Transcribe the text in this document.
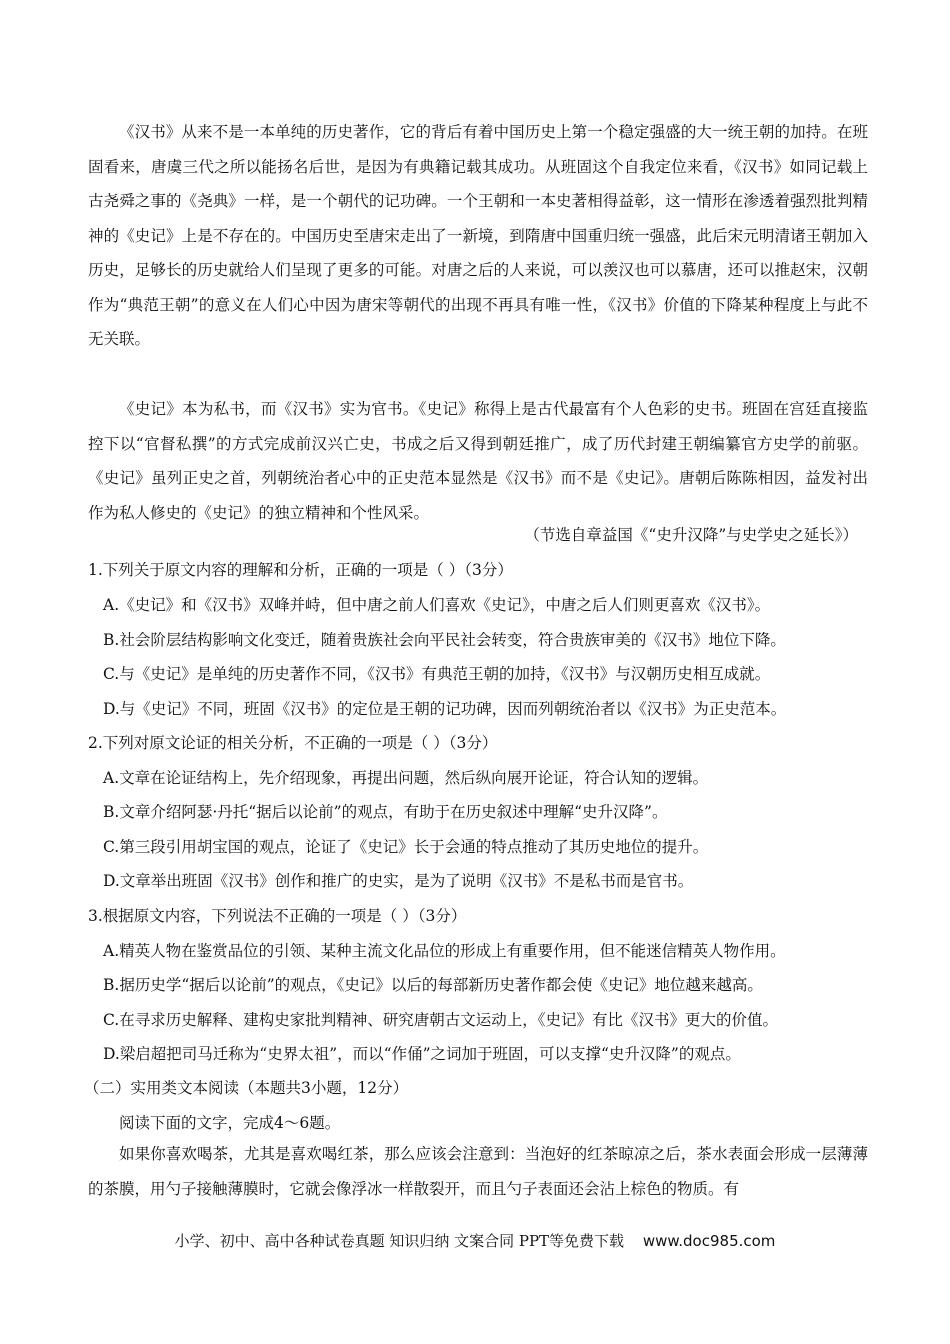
《汉书》从来不是一本单纯的历史著作，它的背后有着中国历史上第一个稳定强盛的大一统王朝的加持。在班固看来，唐虞三代之所以能扬名后世，是因为有典籍记载其成功。从班固这个自我定位来看，《汉书》如同记载上古尧舜之事的《尧典》一样，是一个朝代的记功碑。一个王朝和一本史著相得益彰，这一情形在渗透着强烈批判精神的《史记》上是不存在的。中国历史至唐宋走出了一新境，到隋唐中国重归统一强盛，此后宋元明清诸王朝加入历史，足够长的历史就给人们呈现了更多的可能。对唐之后的人来说，可以羡汉也可以慕唐，还可以推赵宋，汉朝作为“典范王朝”的意义在人们心中因为唐宋等朝代的出现不再具有唯一性，《汉书》价值的下降某种程度上与此不无关联。

《史记》本为私书，而《汉书》实为官书。《史记》称得上是古代最富有个人色彩的史书。班固在宫廷直接监控下以“官督私撰”的方式完成前汉兴亡史，书成之后又得到朝廷推广，成了历代封建王朝编纂官方史学的前驱。《史记》虽列正史之首，列朝统治者心中的正史范本显然是《汉书》而不是《史记》。唐朝后陈陈相因，益发衬出作为私人修史的《史记》的独立精神和个性风采。

（节选自章益国《“史升汉降”与史学史之延长》）
1.下列关于原文内容的理解和分析，正确的一项是（ ）（3分）
A.《史记》和《汉书》双峰并峙，但中唐之前人们喜欢《史记》，中唐之后人们则更喜欢《汉书》。
B.社会阶层结构影响文化变迁，随着贵族社会向平民社会转变，符合贵族审美的《汉书》地位下降。
C.与《史记》是单纯的历史著作不同，《汉书》有典范王朝的加持，《汉书》与汉朝历史相互成就。
D.与《史记》不同，班固《汉书》的定位是王朝的记功碑，因而列朝统治者以《汉书》为正史范本。
2.下列对原文论证的相关分析，不正确的一项是（ ）（3分）
A.文章在论证结构上，先介绍现象，再提出问题，然后纵向展开论证，符合认知的逻辑。
B.文章介绍阿瑟·丹托“据后以论前”的观点，有助于在历史叙述中理解“史升汉降”。
C.第三段引用胡宝国的观点，论证了《史记》长于会通的特点推动了其历史地位的提升。
D.文章举出班固《汉书》创作和推广的史实，是为了说明《汉书》不是私书而是官书。
3.根据原文内容，下列说法不正确的一项是（ ）（3分）
A.精英人物在鉴赏品位的引领、某种主流文化品位的形成上有重要作用，但不能迷信精英人物作用。
B.据历史学“据后以论前”的观点，《史记》以后的每部新历史著作都会使《史记》地位越来越高。
C.在寻求历史解释、建构史家批判精神、研究唐朝古文运动上，《史记》有比《汉书》更大的价值。
D.梁启超把司马迁称为“史界太祖”，而以“作俑”之词加于班固，可以支撑“史升汉降”的观点。
（二）实用类文本阅读（本题共3小题，12分）
阅读下面的文字，完成4～6题。

如果你喜欢喝茶，尤其是喜欢喝红茶，那么应该会注意到：当泡好的红茶晾凉之后，茶水表面会形成一层薄薄的茶膜，用勺子接触薄膜时，它就会像浮冰一样散裂开，而且勺子表面还会沾上棕色的物质。有

小学、初中、高中各种试卷真题 知识归纳 文案合同 PPT等免费下载 www.doc985.com
